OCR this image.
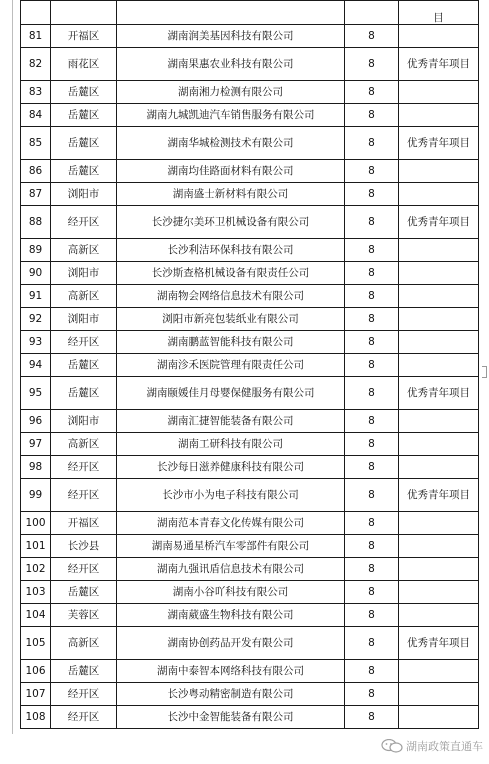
				目
81	开福区	湖南润美基因科技有限公司	8	
82	雨花区	湖南果惠农业科技有限公司	8	优秀青年项目
83	岳麓区	湖南湘力检测有限公司	8	
84	岳麓区	湖南九城凯迪汽车销售服务有限公司	8	
85	岳麓区	湖南华城检测技术有限公司	8	优秀青年项目
86	岳麓区	湖南均佳路面材料有限公司	8	
87	浏阳市	湖南盛士新材料有限公司	8	
88	经开区	长沙捷尔美环卫机械设备有限公司	8	优秀青年项目
89	高新区	长沙利洁环保科技有限公司	8	
90	浏阳市	长沙斯查格机械设备有限责任公司	8	
91	高新区	湖南物会网络信息技术有限公司	8	
92	浏阳市	浏阳市新亮包装纸业有限公司	8	
93	经开区	湖南鹏蓝智能科技有限公司	8	
94	岳麓区	湖南沴禾医院管理有限责任公司	8	
95	岳麓区	湖南颐媛佳月母婴保健服务有限公司	8	优秀青年项目
96	浏阳市	湖南汇捷智能装备有限公司	8	
97	高新区	湖南工研科技有限公司	8	
98	经开区	长沙每日滋养健康科技有限公司	8	
99	经开区	长沙市小为电子科技有限公司	8	优秀青年项目
100	开福区	湖南范本青春文化传媒有限公司	8	
101	长沙县	湖南易通星桥汽车零部件有限公司	8	
102	经开区	湖南九强讯盾信息技术有限公司	8	
103	岳麓区	湖南小谷吖科技有限公司	8	
104	芙蓉区	湖南葳盛生物科技有限公司	8	
105	高新区	湖南协创药品开发有限公司	8	优秀青年项目
106	岳麓区	湖南中泰智本网络科技有限公司	8	
107	经开区	长沙粤动精密制造有限公司	8	
108	经开区	长沙中金智能装备有限公司	8	
湖南政策直通车
